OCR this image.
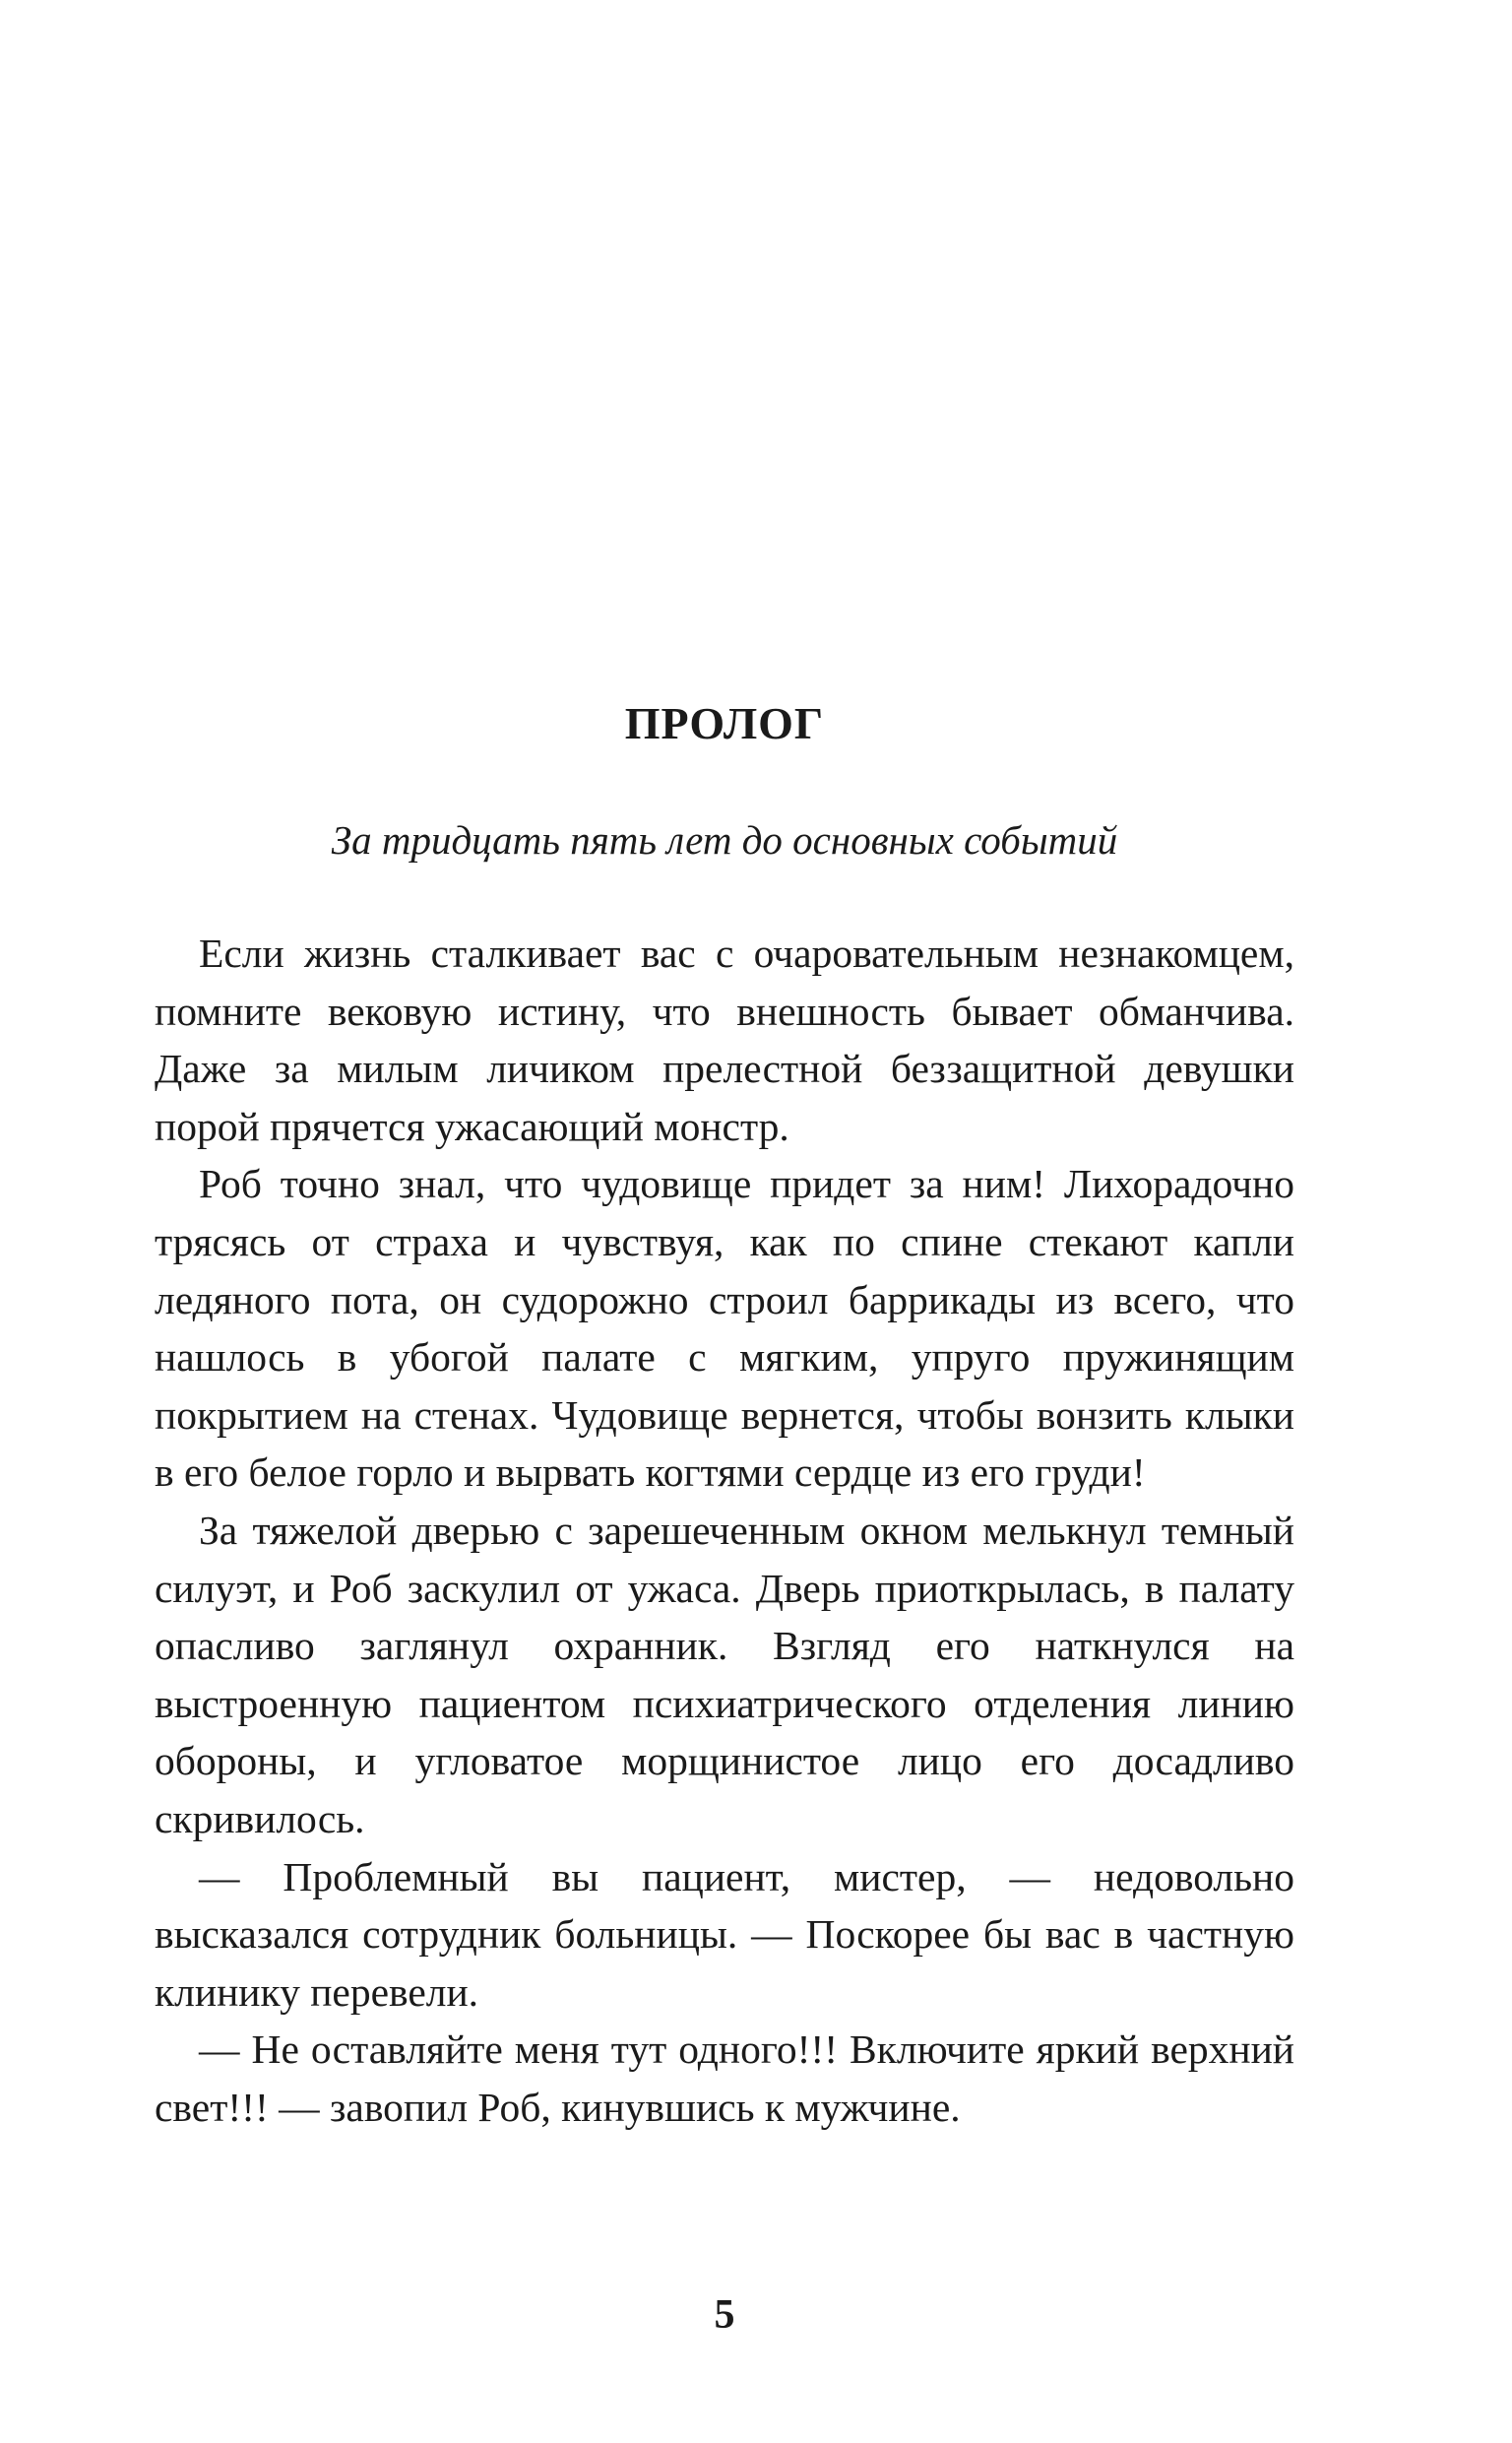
ПРОЛОГ
За тридцать пять лет до основных событий

Если жизнь сталкивает вас с очаровательным незнакомцем, помните вековую истину, что внешность бывает обманчива. Даже за милым личиком прелестной беззащитной девушки порой прячется ужасающий монстр.

Роб точно знал, что чудовище придет за ним! Лихорадочно трясясь от страха и чувствуя, как по спине стекают капли ледяного пота, он судорожно строил баррикады из всего, что нашлось в убогой палате с мягким, упруго пружинящим покрытием на стенах. Чудовище вернется, чтобы вонзить клыки в его белое горло и вырвать когтями сердце из его груди!

За тяжелой дверью с зарешеченным окном мелькнул темный силуэт, и Роб заскулил от ужаса. Дверь приоткрылась, в палату опасливо заглянул охранник. Взгляд его наткнулся на выстроенную пациентом психиатрического отделения линию обороны, и угловатое морщинистое лицо его досадливо скривилось.

— Проблемный вы пациент, мистер, — недовольно высказался сотрудник больницы. — Поскорее бы вас в частную клинику перевели.

— Не оставляйте меня тут одного!!! Включите яркий верхний свет!!! — завопил Роб, кинувшись к мужчине.

5
